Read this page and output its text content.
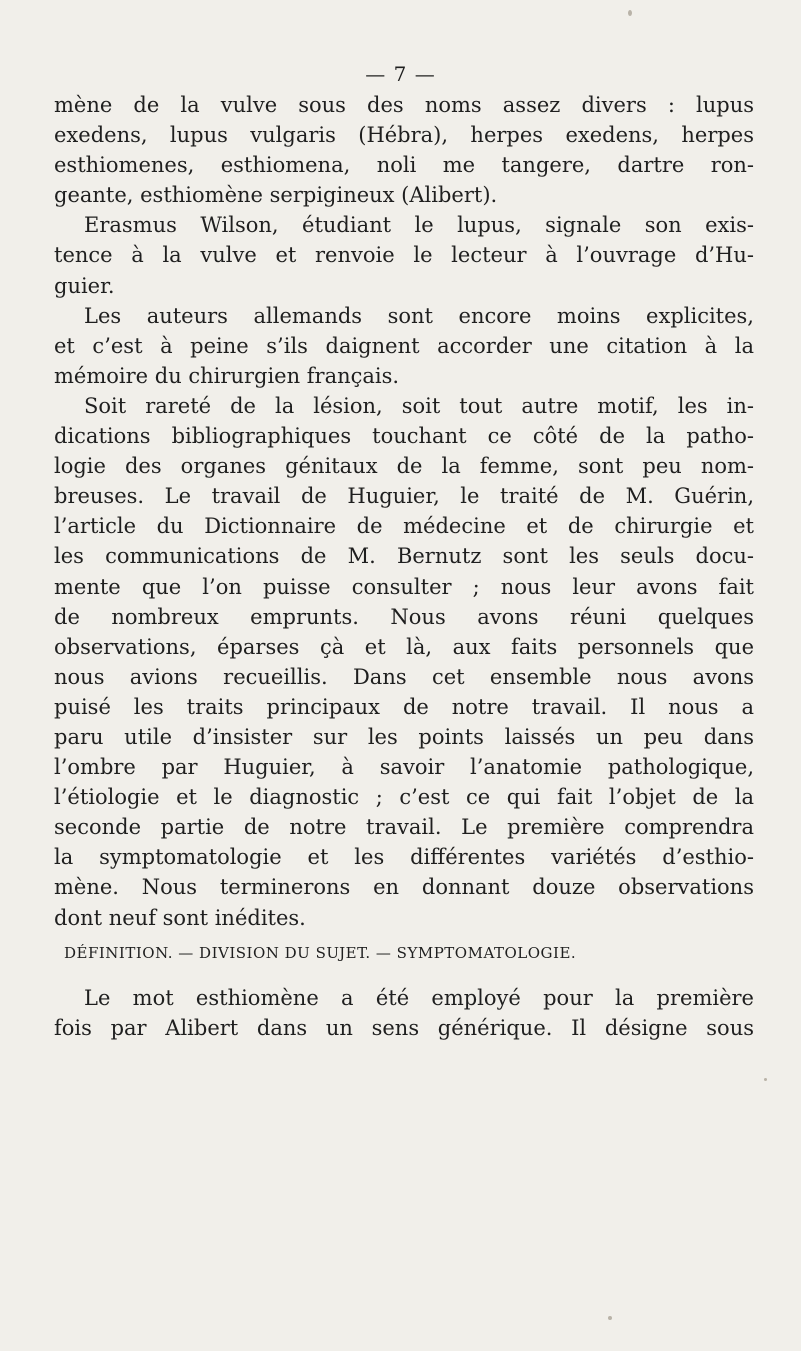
— 7 —
mène de la vulve sous des noms assez divers : lupus
exedens, lupus vulgaris (Hébra), herpes exedens, herpes
esthiomenes, esthiomena, noli me tangere, dartre ron-
geante, esthiomène serpigineux (Alibert).
Erasmus Wilson, étudiant le lupus, signale son exis-
tence à la vulve et renvoie le lecteur à l’ouvrage d’Hu-
guier.
Les auteurs allemands sont encore moins explicites,
et c’est à peine s’ils daignent accorder une citation à la
mémoire du chirurgien français.
Soit rareté de la lésion, soit tout autre motif, les in-
dications bibliographiques touchant ce côté de la patho-
logie des organes génitaux de la femme, sont peu nom-
breuses. Le travail de Huguier, le traité de M. Guérin,
l’article du Dictionnaire de médecine et de chirurgie et
les communications de M. Bernutz sont les seuls docu-
mente que l’on puisse consulter ; nous leur avons fait
de nombreux emprunts. Nous avons réuni quelques
observations, éparses çà et là, aux faits personnels que
nous avions recueillis. Dans cet ensemble nous avons
puisé les traits principaux de notre travail. Il nous a
paru utile d’insister sur les points laissés un peu dans
l’ombre par Huguier, à savoir l’anatomie pathologique,
l’étiologie et le diagnostic ; c’est ce qui fait l’objet de la
seconde partie de notre travail. Le première comprendra
la symptomatologie et les différentes variétés d’esthio-
mène. Nous terminerons en donnant douze observations
dont neuf sont inédites.
DÉFINITION. — DIVISION DU SUJET. — SYMPTOMATOLOGIE.
Le mot esthiomène a été employé pour la première
fois par Alibert dans un sens générique. Il désigne sous
